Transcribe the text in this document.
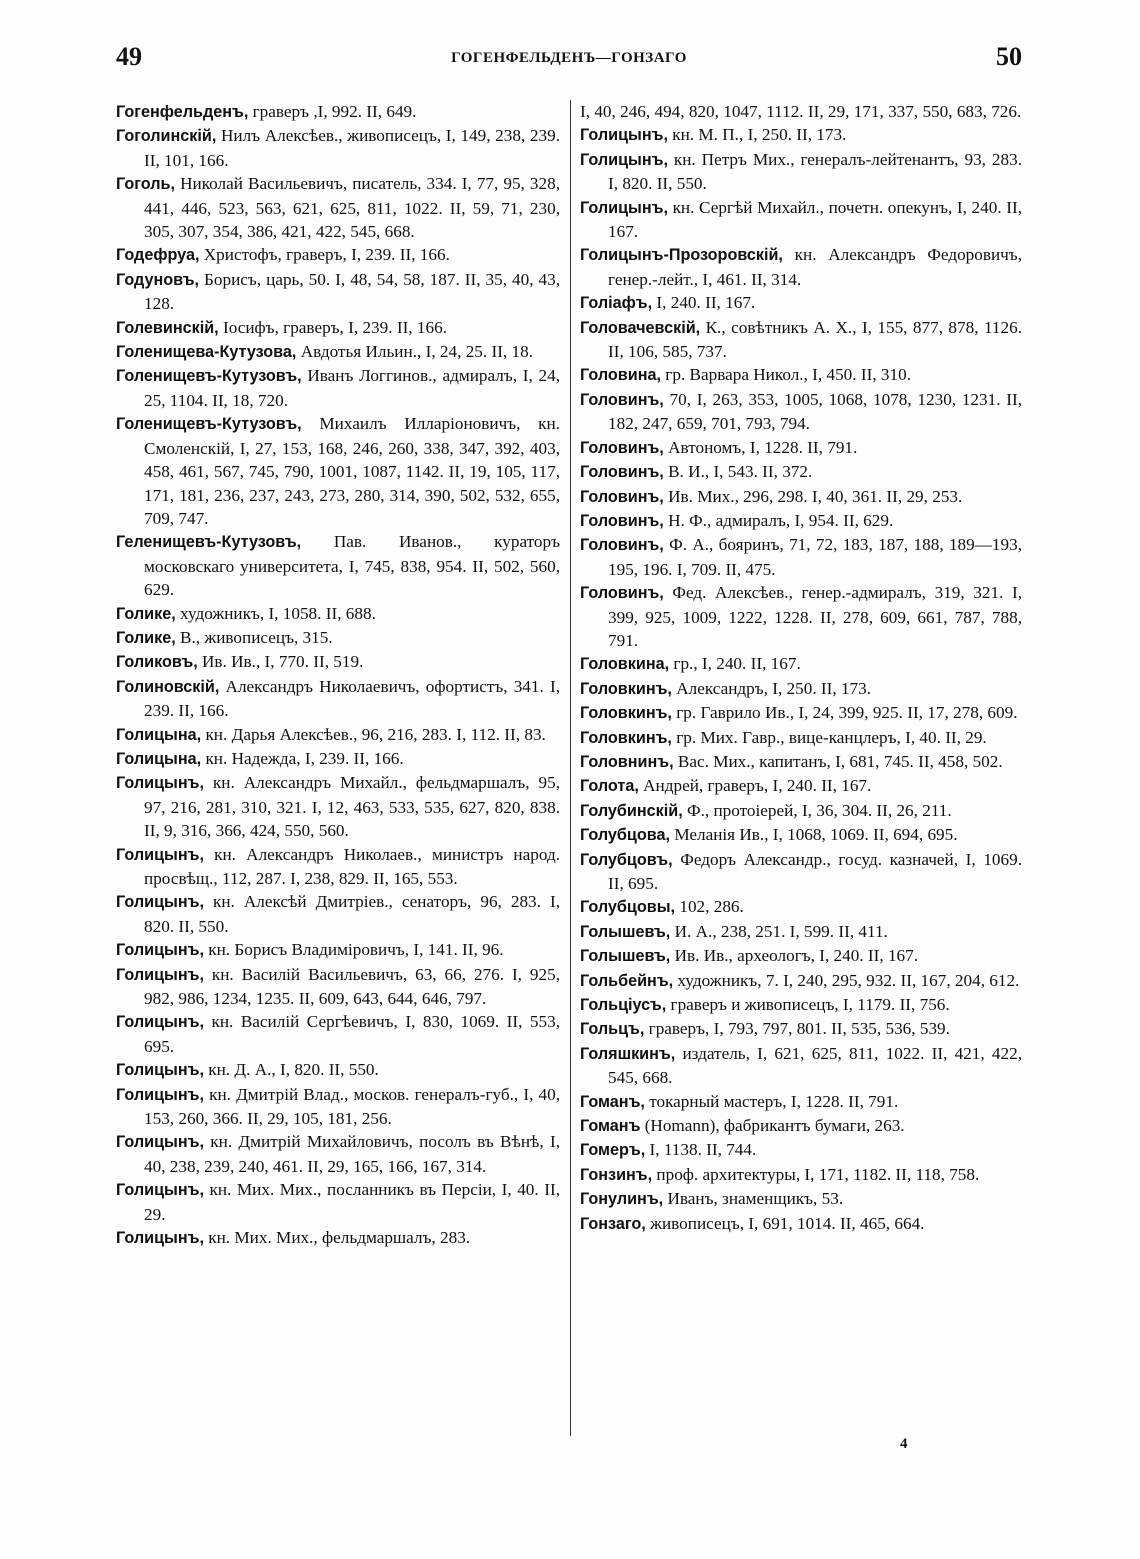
49	ГОГЕНФЕЛЬДЕНЪ—ГОНЗАГО	50
Гогенфельденъ, граверъ ,I, 992. II, 649.
Гоголинскій, Нилъ Алексѣев., живописецъ, I, 149, 238, 239. II, 101, 166.
Гоголь, Николай Васильевичъ, писатель, 334. I, 77, 95, 328, 441, 446, 523, 563, 621, 625, 811, 1022. II, 59, 71, 230, 305, 307, 354, 386, 421, 422, 545, 668.
Годефруа, Христофъ, граверъ, I, 239. II, 166.
Годуновъ, Борисъ, царь, 50. I, 48, 54, 58, 187. II, 35, 40, 43, 128.
Голевинскій, Іосифъ, граверъ, I, 239. II, 166.
Голенищева-Кутузова, Авдотья Ильин., I, 24, 25. II, 18.
Голенищевъ-Кутузовъ, Иванъ Логгинов., адмиралъ, I, 24, 25, 1104. II, 18, 720.
Голенищевъ-Кутузовъ, Михаилъ Илларіоновичъ, кн. Смоленскій, I, 27, 153, 168, 246, 260, 338, 347, 392, 403, 458, 461, 567, 745, 790, 1001, 1087, 1142. II, 19, 105, 117, 171, 181, 236, 237, 243, 273, 280, 314, 390, 502, 532, 655, 709, 747.
Геленищевъ-Кутузовъ, Пав. Иванов., кураторъ московскаго университета, I, 745, 838, 954. II, 502, 560, 629.
Голике, художникъ, I, 1058. II, 688.
Голике, В., живописецъ, 315.
Голиковъ, Ив. Ив., I, 770. II, 519.
Голиновскій, Александръ Николаевичъ, офортистъ, 341. I, 239. II, 166.
Голицына, кн. Дарья Алексѣев., 96, 216, 283. I, 112. II, 83.
Голицына, кн. Надежда, I, 239. II, 166.
Голицынъ, кн. Александръ Михайл., фельдмаршалъ, 95, 97, 216, 281, 310, 321. I, 12, 463, 533, 535, 627, 820, 838. II, 9, 316, 366, 424, 550, 560.
Голицынъ, кн. Александръ Николаев., министръ народ. просвѣщ., 112, 287. I, 238, 829. II, 165, 553.
Голицынъ, кн. Алексѣй Дмитріев., сенаторъ, 96, 283. I, 820. II, 550.
Голицынъ, кн. Борисъ Владиміровичъ, I, 141. II, 96.
Голицынъ, кн. Василій Васильевичъ, 63, 66, 276. I, 925, 982, 986, 1234, 1235. II, 609, 643, 644, 646, 797.
Голицынъ, кн. Василій Сергѣевичъ, I, 830, 1069. II, 553, 695.
Голицынъ, кн. Д. А., I, 820. II, 550.
Голицынъ, кн. Дмитрій Влад., москов. генералъ-губ., I, 40, 153, 260, 366. II, 29, 105, 181, 256.
Голицынъ, кн. Дмитрій Михайловичъ, посолъ въ Вѣнѣ, I, 40, 238, 239, 240, 461. II, 29, 165, 166, 167, 314.
Голицынъ, кн. Мих. Мих., посланникъ въ Персіи, I, 40. II, 29.
Голицынъ, кн. Мих. Мих., фельдмаршалъ, 283.
I, 40, 246, 494, 820, 1047, 1112. II, 29, 171, 337, 550, 683, 726.
Голицынъ, кн. М. П., I, 250. II, 173.
Голицынъ, кн. Петръ Мих., генералъ-лейтенантъ, 93, 283. I, 820. II, 550.
Голицынъ, кн. Сергѣй Михайл., почетн. опекунъ, I, 240. II, 167.
Голицынъ-Прозоровскій, кн. Александръ Федоровичъ, генер.-лейт., I, 461. II, 314.
Голіафъ, I, 240. II, 167.
Головачевскій, К., совѣтникъ А. Х., I, 155, 877, 878, 1126. II, 106, 585, 737.
Головина, гр. Варвара Никол., I, 450. II, 310.
Головинъ, 70, I, 263, 353, 1005, 1068, 1078, 1230, 1231. II, 182, 247, 659, 701, 793, 794.
Головинъ, Автономъ, I, 1228. II, 791.
Головинъ, В. И., I, 543. II, 372.
Головинъ, Ив. Мих., 296, 298. I, 40, 361. II, 29, 253.
Головинъ, Н. Ф., адмиралъ, I, 954. II, 629.
Головинъ, Ф. А., бояринъ, 71, 72, 183, 187, 188, 189—193, 195, 196. I, 709. II, 475.
Головинъ, Фед. Алексѣев., генер.-адмиралъ, 319, 321. I, 399, 925, 1009, 1222, 1228. II, 278, 609, 661, 787, 788, 791.
Головкина, гр., I, 240. II, 167.
Головкинъ, Александръ, I, 250. II, 173.
Головкинъ, гр. Гаврило Ив., I, 24, 399, 925. II, 17, 278, 609.
Головкинъ, гр. Мих. Гавр., вице-канцлеръ, I, 40. II, 29.
Головнинъ, Вас. Мих., капитанъ, I, 681, 745. II, 458, 502.
Голота, Андрей, граверъ, I, 240. II, 167.
Голубинскій, Ф., протоіерей, I, 36, 304. II, 26, 211.
Голубцова, Меланія Ив., I, 1068, 1069. II, 694, 695.
Голубцовъ, Федоръ Александр., госуд. казначей, I, 1069. II, 695.
Голубцовы, 102, 286.
Голышевъ, И. А., 238, 251. I, 599. II, 411.
Голышевъ, Ив. Ив., археологъ, I, 240. II, 167.
Гольбейнъ, художникъ, 7. I, 240, 295, 932. II, 167, 204, 612.
Гольціусъ, граверъ и живописецъ, I, 1179. II, 756.
Гольцъ, граверъ, I, 793, 797, 801. II, 535, 536, 539.
Голяшкинъ, издатель, I, 621, 625, 811, 1022. II, 421, 422, 545, 668.
Гоманъ, токарный мастеръ, I, 1228. II, 791.
Гоманъ (Homann), фабрикантъ бумаги, 263.
Гомеръ, I, 1138. II, 744.
Гонзинъ, проф. архитектуры, I, 171, 1182. II, 118, 758.
Гонулинъ, Иванъ, знаменщикъ, 53.
Гонзаго, живописецъ, I, 691, 1014. II, 465, 664.
4
